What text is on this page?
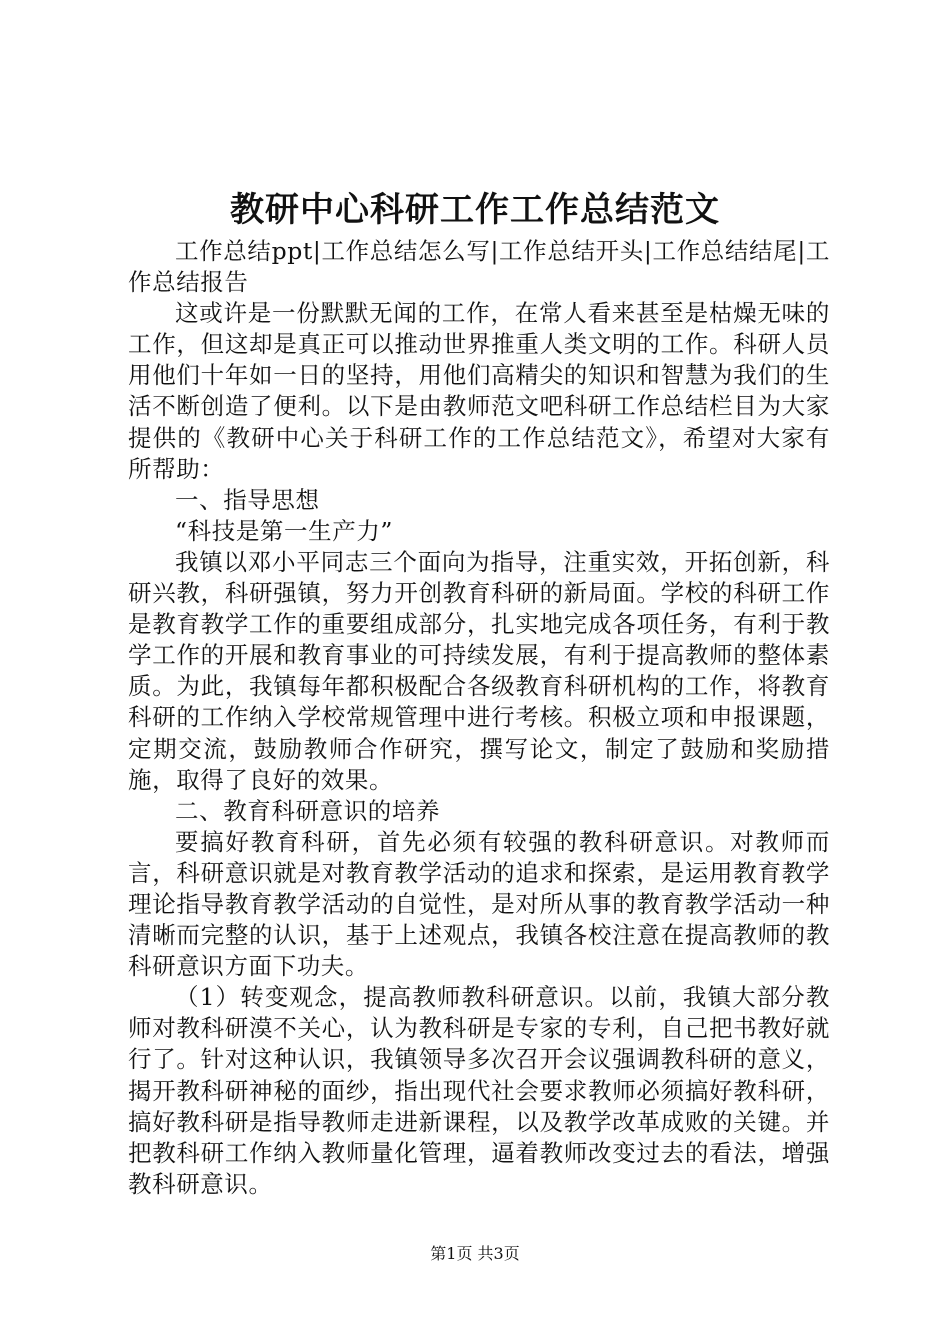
教研中心科研工作工作总结范文

工作总结ppt|工作总结怎么写|工作总结开头|工作总结结尾|工作总结报告

这或许是一份默默无闻的工作，在常人看来甚至是枯燥无味的工作，但这却是真正可以推动世界推重人类文明的工作。科研人员用他们十年如一日的坚持，用他们高精尖的知识和智慧为我们的生活不断创造了便利。以下是由教师范文吧科研工作总结栏目为大家提供的《教研中心关于科研工作的工作总结范文》，希望对大家有所帮助：

一、指导思想

“科技是第一生产力”

我镇以邓小平同志三个面向为指导，注重实效，开拓创新，科研兴教，科研强镇，努力开创教育科研的新局面。学校的科研工作是教育教学工作的重要组成部分，扎实地完成各项任务，有利于教学工作的开展和教育事业的可持续发展，有利于提高教师的整体素质。为此，我镇每年都积极配合各级教育科研机构的工作，将教育科研的工作纳入学校常规管理中进行考核。积极立项和申报课题，定期交流，鼓励教师合作研究，撰写论文，制定了鼓励和奖励措施，取得了良好的效果。

二、教育科研意识的培养

要搞好教育科研，首先必须有较强的教科研意识。对教师而言，科研意识就是对教育教学活动的追求和探索，是运用教育教学理论指导教育教学活动的自觉性，是对所从事的教育教学活动一种清晰而完整的认识，基于上述观点，我镇各校注意在提高教师的教科研意识方面下功夫。

（1）转变观念，提高教师教科研意识。以前，我镇大部分教师对教科研漠不关心，认为教科研是专家的专利，自己把书教好就行了。针对这种认识，我镇领导多次召开会议强调教科研的意义，揭开教科研神秘的面纱，指出现代社会要求教师必须搞好教科研，搞好教科研是指导教师走进新课程，以及教学改革成败的关键。并把教科研工作纳入教师量化管理，逼着教师改变过去的看法，增强教科研意识。

第1页 共3页
